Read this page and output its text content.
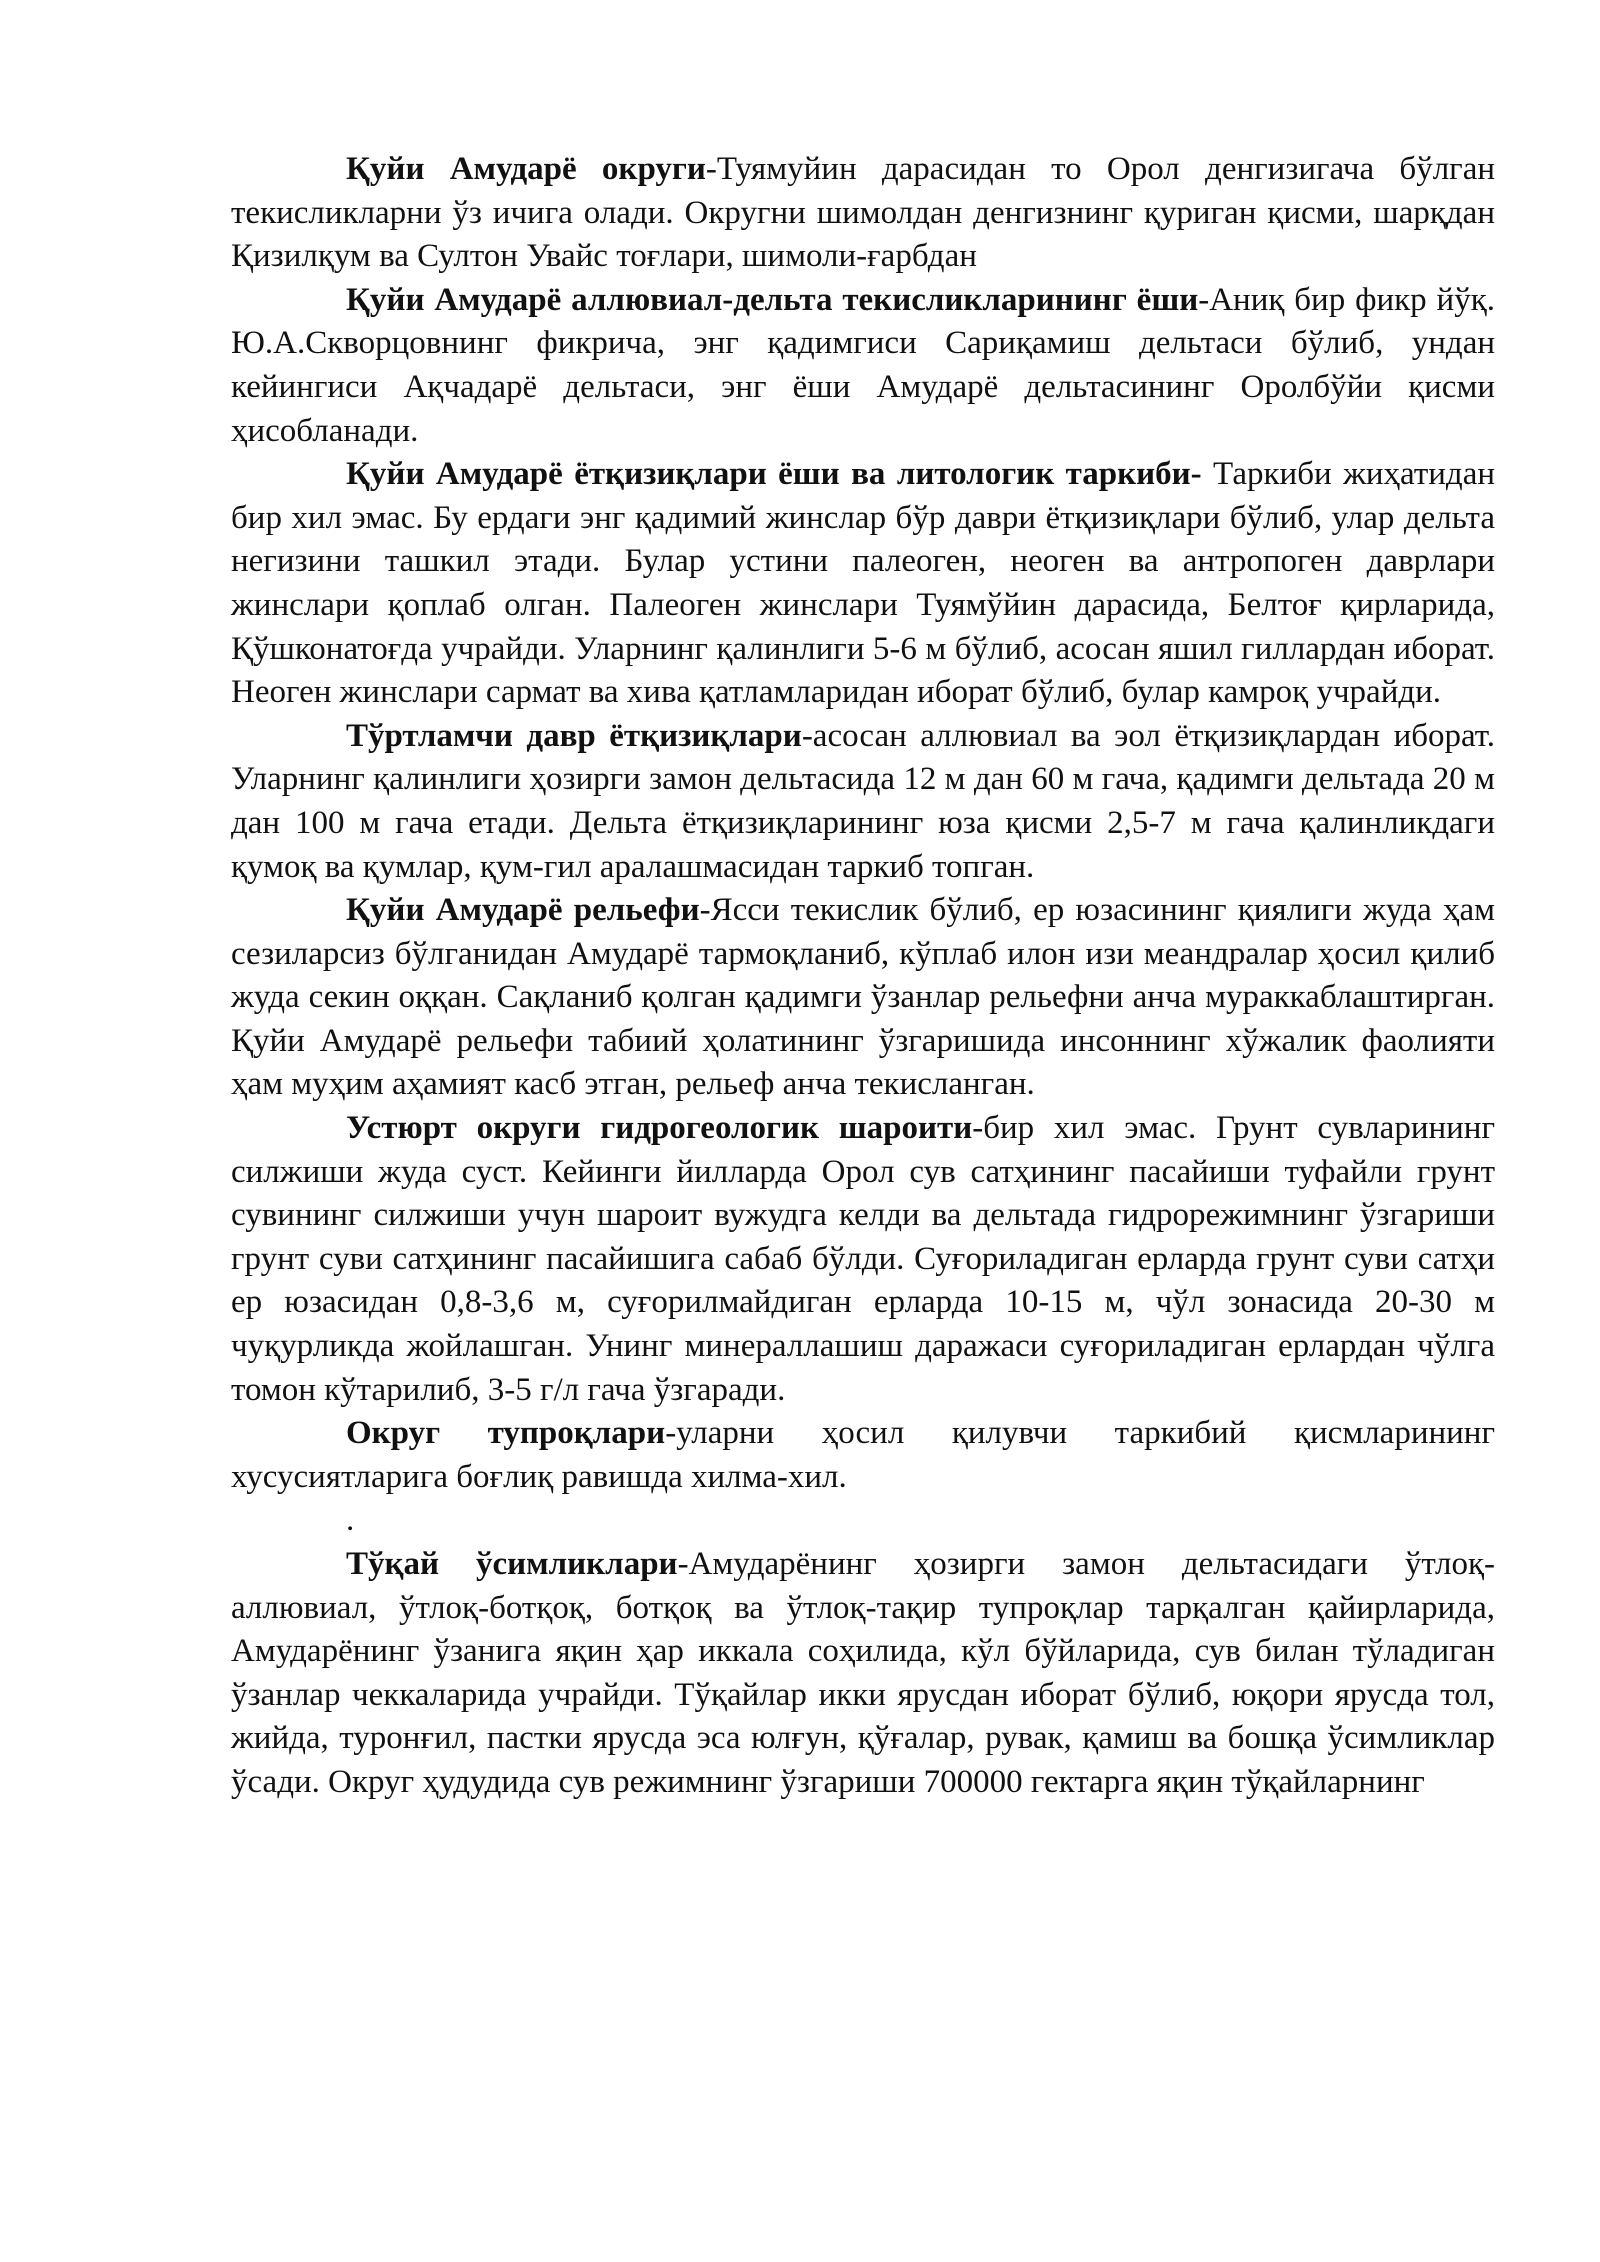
Қуйи Амударё округи-Туямуйин дарасидан то Орол денгизигача бўлган текисликларни ўз ичига олади. Округни шимолдан денгизнинг қуриган қисми, шарқдан Қизилқум ва Султон Увайс тоғлари, шимоли-ғарбдан

Қуйи Амударё аллювиал-дельта текисликларининг ёши-Аниқ бир фикр йўқ. Ю.А.Скворцовнинг фикрича, энг қадимгиси Сариқамиш дельтаси бўлиб, ундан кейингиси Ақчадарё дельтаси, энг ёши Амударё дельтасининг Оролбўйи қисми ҳисобланади.

Қуйи Амударё ётқизиқлари ёши ва литологик таркиби- Таркиби жиҳатидан бир хил эмас. Бу ердаги энг қадимий жинслар бўр даври ётқизиқлари бўлиб, улар дельта негизини ташкил этади. Булар устини палеоген, неоген ва антропоген даврлари жинслари қоплаб олган. Палеоген жинслари Туямўйин дарасида, Белтоғ қирларида, Қўшконатоғда учрайди. Уларнинг қалинлиги 5-6 м бўлиб, асосан яшил гиллардан иборат. Неоген жинслари сармат ва хива қатламларидан иборат бўлиб, булар камроқ учрайди.

Тўртламчи давр ётқизиқлари-асосан аллювиал ва эол ётқизиқлардан иборат. Уларнинг қалинлиги ҳозирги замон дельтасида 12 м дан 60 м гача, қадимги дельтада 20 м дан 100 м гача етади. Дельта ётқизиқларининг юза қисми 2,5-7 м гача қалинликдаги қумоқ ва қумлар, қум-гил аралашмасидан таркиб топган.

Қуйи Амударё рельефи-Ясси текислик бўлиб, ер юзасининг қиялиги жуда ҳам сезиларсиз бўлганидан Амударё тармоқланиб, кўплаб илон изи меандралар ҳосил қилиб жуда секин оққан. Сақланиб қолган қадимги ўзанлар рельефни анча мураккаблаштирган. Қуйи Амударё рельефи табиий ҳолатининг ўзгаришида инсоннинг хўжалик фаолияти ҳам муҳим аҳамият касб этган, рельеф анча текисланган.

Устюрт округи гидрогеологик шароити-бир хил эмас. Грунт сувларининг силжиши жуда суст. Кейинги йилларда Орол сув сатҳининг пасайиши туфайли грунт сувининг силжиши учун шароит вужудга келди ва дельтада гидрорежимнинг ўзгариши грунт суви сатҳининг пасайишига сабаб бўлди. Суғориладиган ерларда грунт суви сатҳи ер юзасидан 0,8-3,6 м, суғорилмайдиган ерларда 10-15 м, чўл зонасида 20-30 м чуқурликда жойлашган. Унинг минераллашиш даражаси суғориладиган ерлардан чўлга томон кўтарилиб, 3-5 г/л гача ўзгаради.

Округ тупроқлари-уларни ҳосил қилувчи таркибий қисмларининг хусусиятларига боғлиқ равишда хилма-хил.

.

Тўқай ўсимликлари-Амударёнинг ҳозирги замон дельтасидаги ўтлоқ-аллювиал, ўтлоқ-ботқоқ, ботқоқ ва ўтлоқ-тақир тупроқлар тарқалган қайирларида, Амударёнинг ўзанига яқин ҳар иккала соҳилида, кўл бўйларида, сув билан тўладиган ўзанлар чеккаларида учрайди. Тўқайлар икки ярусдан иборат бўлиб, юқори ярусда тол, жийда, туронғил, пастки ярусда эса юлғун, қўғалар, рувак, қамиш ва бошқа ўсимликлар ўсади. Округ ҳудудида сув режимнинг ўзгариши 700000 гектарга яқин тўқайларнинг
